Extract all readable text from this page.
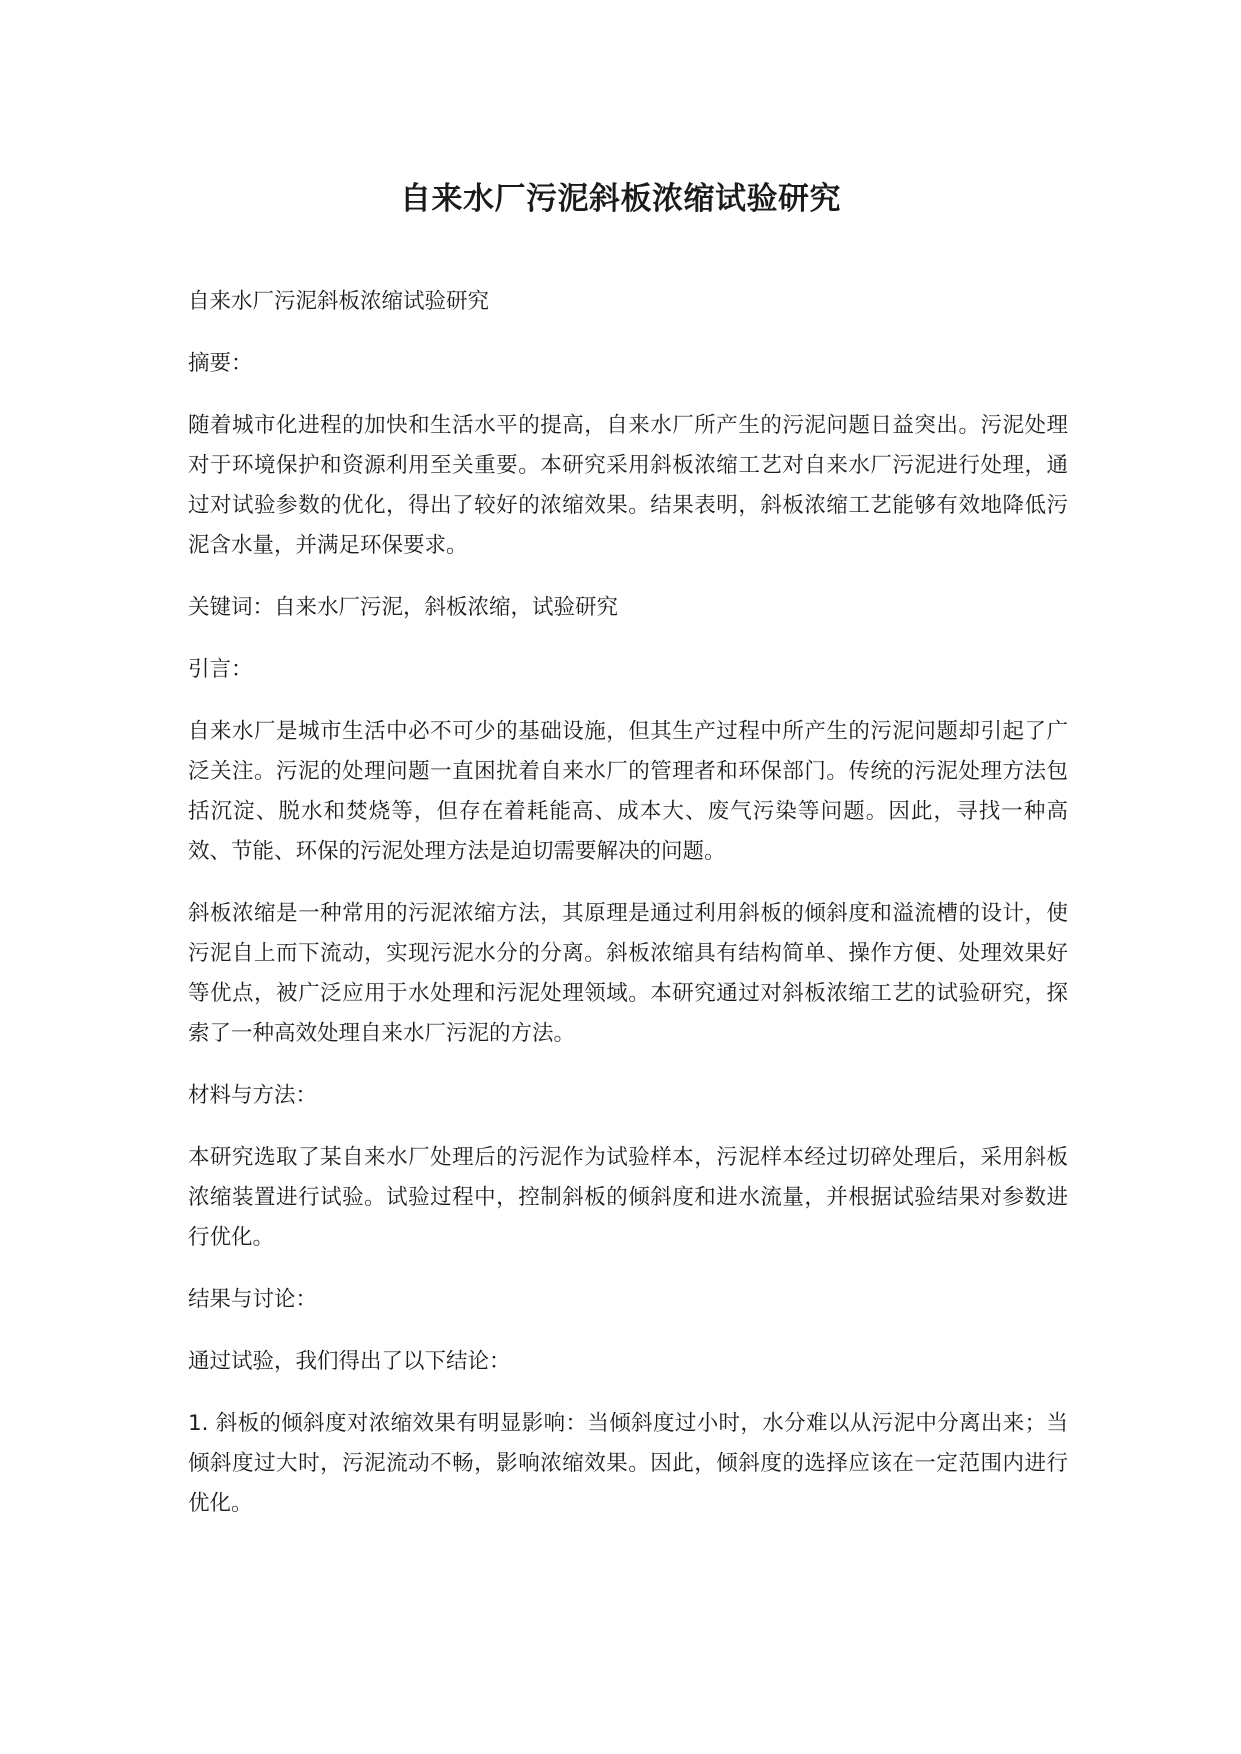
自来水厂污泥斜板浓缩试验研究

自来水厂污泥斜板浓缩试验研究

摘要：

随着城市化进程的加快和生活水平的提高，自来水厂所产生的污泥问题日益突出。污泥处理对于环境保护和资源利用至关重要。本研究采用斜板浓缩工艺对自来水厂污泥进行处理，通过对试验参数的优化，得出了较好的浓缩效果。结果表明，斜板浓缩工艺能够有效地降低污泥含水量，并满足环保要求。

关键词：自来水厂污泥，斜板浓缩，试验研究

引言：

自来水厂是城市生活中必不可少的基础设施，但其生产过程中所产生的污泥问题却引起了广泛关注。污泥的处理问题一直困扰着自来水厂的管理者和环保部门。传统的污泥处理方法包括沉淀、脱水和焚烧等，但存在着耗能高、成本大、废气污染等问题。因此，寻找一种高效、节能、环保的污泥处理方法是迫切需要解决的问题。

斜板浓缩是一种常用的污泥浓缩方法，其原理是通过利用斜板的倾斜度和溢流槽的设计，使污泥自上而下流动，实现污泥水分的分离。斜板浓缩具有结构简单、操作方便、处理效果好等优点，被广泛应用于水处理和污泥处理领域。本研究通过对斜板浓缩工艺的试验研究，探索了一种高效处理自来水厂污泥的方法。

材料与方法：

本研究选取了某自来水厂处理后的污泥作为试验样本，污泥样本经过切碎处理后，采用斜板浓缩装置进行试验。试验过程中，控制斜板的倾斜度和进水流量，并根据试验结果对参数进行优化。

结果与讨论：

通过试验，我们得出了以下结论：

1. 斜板的倾斜度对浓缩效果有明显影响：当倾斜度过小时，水分难以从污泥中分离出来；当倾斜度过大时，污泥流动不畅，影响浓缩效果。因此，倾斜度的选择应该在一定范围内进行优化。
